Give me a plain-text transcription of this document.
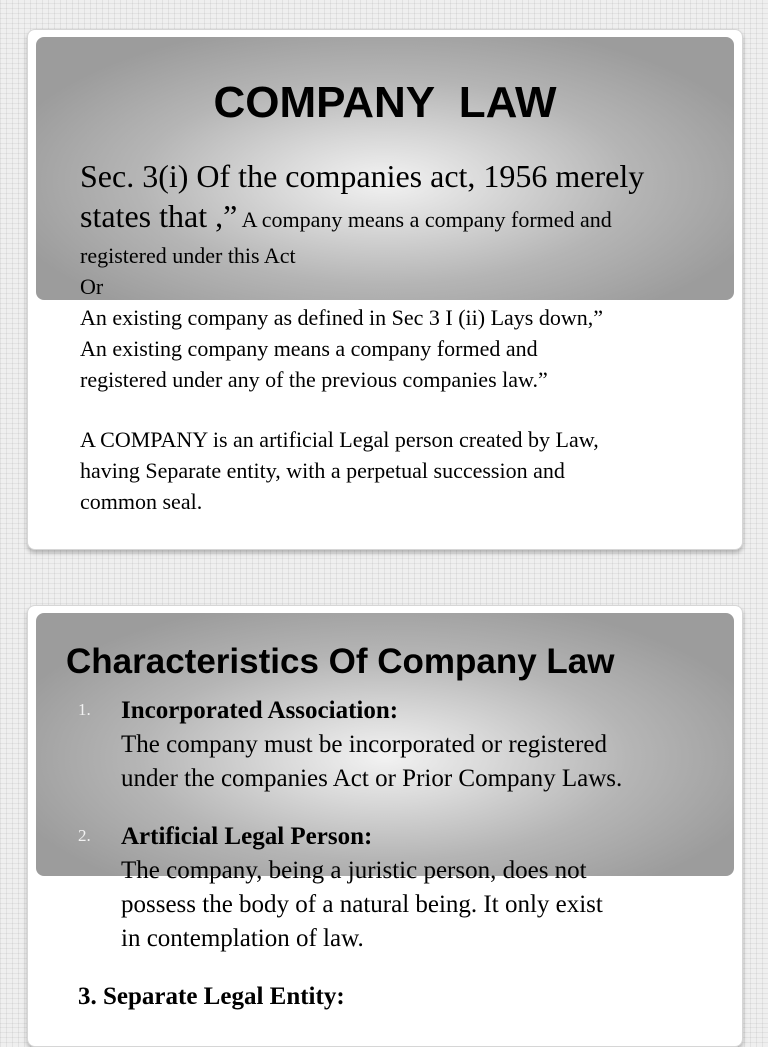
COMPANY  LAW
Sec. 3(i) Of the companies act, 1956 merely
states that ,” A company means a company formed and
registered under this Act
Or
An existing company as defined in Sec 3 I (ii) Lays down,”
An existing company means a company formed and
registered under any of the previous companies law.”
A COMPANY is an artificial Legal person created by Law,
having Separate entity, with a perpetual succession and
common seal.
Characteristics Of Company Law
1. Incorporated Association:
The company must be incorporated or registered
under the companies Act or Prior Company Laws.
2. Artificial Legal Person:
The company, being a juristic person, does not
possess the body of a natural being. It only exist
in contemplation of law.
3. Separate Legal Entity:
